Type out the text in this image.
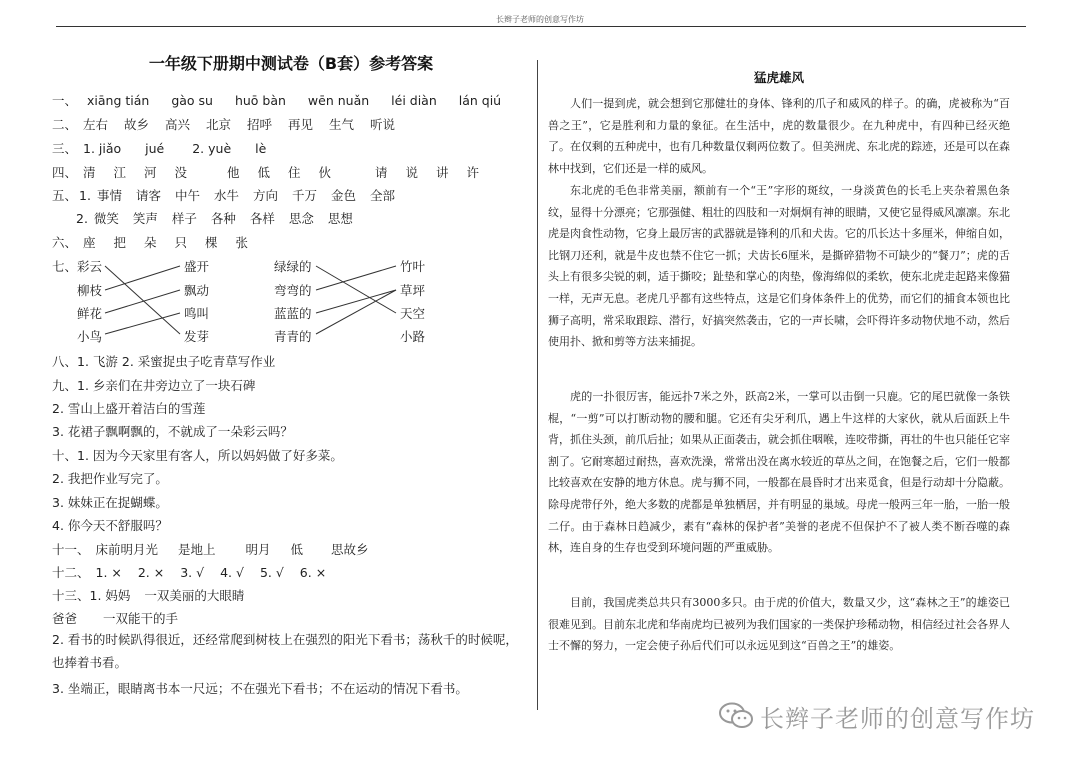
长辫子老师的创意写作坊
一年级下册期中测试卷（B套）参考答案
一、 xiāng tián gào su huō bàn wēn nuǎn léi diàn lán qiú
二、 左右 故乡 高兴 北京 招呼 再见 生气 听说
三、 1. jiǎo jué 2. yuè lè
四、 清 江 河 没	他 低 住 伙	请 说 讲 许
五、 1. 事情 请客 中午 水牛 方向 千万 金色 全部
2. 微笑 笑声 样子 各种 各样 思念 思想
六、 座 把 朵 只 棵 张
七、 彩云
柳枝
鲜花
小鸟
盛开
飘动
鸣叫
发芽
绿绿的
弯弯的
蓝蓝的
青青的
竹叶
草坪
天空
小路
八、1. 飞游 2. 采蜜捉虫子吃青草写作业
九、1. 乡亲们在井旁边立了一块石碑
2. 雪山上盛开着洁白的雪莲
3. 花裙子飘啊飘的，不就成了一朵彩云吗？
十、1. 因为今天家里有客人，所以妈妈做了好多菜。
2. 我把作业写完了。
3. 妹妹正在捉蝴蝶。
4. 你今天不舒服吗？
十一、 床前明月光 是地上 明月 低 思故乡
十二、 1. × 2. × 3. √ 4. √ 5. √ 6. ×
十三、1. 妈妈 一双美丽的大眼睛
爸爸 一双能干的手
2. 看书的时候趴得很近，还经常爬到树枝上在强烈的阳光下看书；荡秋千的时候呢，也捧着书看。
3. 坐端正，眼睛离书本一尺远；不在强光下看书；不在运动的情况下看书。
猛虎雄风

人们一提到虎，就会想到它那健壮的身体、锋利的爪子和威风的样子。的确，虎被称为“百兽之王”，它是胜利和力量的象征。在生活中，虎的数量很少。在九种虎中，有四种已经灭绝了。在仅剩的五种虎中，也有几种数量仅剩两位数了。但美洲虎、东北虎的踪迹，还是可以在森林中找到，它们还是一样的威风。

东北虎的毛色非常美丽，额前有一个“王”字形的斑纹，一身淡黄色的长毛上夹杂着黑色条纹，显得十分漂亮；它那强健、粗壮的四肢和一对炯炯有神的眼睛，又使它显得威风凛凛。东北虎是肉食性动物，它身上最厉害的武器就是锋利的爪和犬齿。它的爪长达十多厘米，伸缩自如，比钢刀还利，就是牛皮也禁不住它一抓；犬齿长6厘米，是撕碎猎物不可缺少的“餐刀”；虎的舌头上有很多尖锐的刺，适于撕咬；趾垫和掌心的肉垫，像海绵似的柔软，使东北虎走起路来像猫一样，无声无息。老虎几乎都有这些特点，这是它们身体条件上的优势，而它们的捕食本领也比狮子高明，常采取跟踪、潜行，好搞突然袭击，它的一声长啸，会吓得许多动物伏地不动，然后使用扑、掀和剪等方法来捕捉。

虎的一扑很厉害，能远扑7米之外，跃高2米，一掌可以击倒一只鹿。它的尾巴就像一条铁棍，“一剪”可以打断动物的腰和腿。它还有尖牙利爪，遇上牛这样的大家伙，就从后面跃上牛背，抓住头颈，前爪后扯；如果从正面袭击，就会抓住咽喉，连咬带撕，再壮的牛也只能任它宰割了。它耐寒超过耐热，喜欢洗澡，常常出没在离水较近的草丛之间，在饱餐之后，它们一般都比较喜欢在安静的地方休息。虎与狮不同，一般都在晨昏时才出来觅食，但是行动却十分隐蔽。除母虎带仔外，绝大多数的虎都是单独栖居，并有明显的巢域。母虎一般两三年一胎，一胎一般二仔。由于森林日趋减少，素有“森林的保护者”美誉的老虎不但保护不了被人类不断吞噬的森林，连自身的生存也受到环境问题的严重威胁。

目前，我国虎类总共只有3000多只。由于虎的价值大，数量又少，这“森林之王”的雄姿已很难见到。目前东北虎和华南虎均已被列为我们国家的一类保护珍稀动物，相信经过社会各界人士不懈的努力，一定会使子孙后代们可以永远见到这“百兽之王”的雄姿。

长辫子老师的创意写作坊
